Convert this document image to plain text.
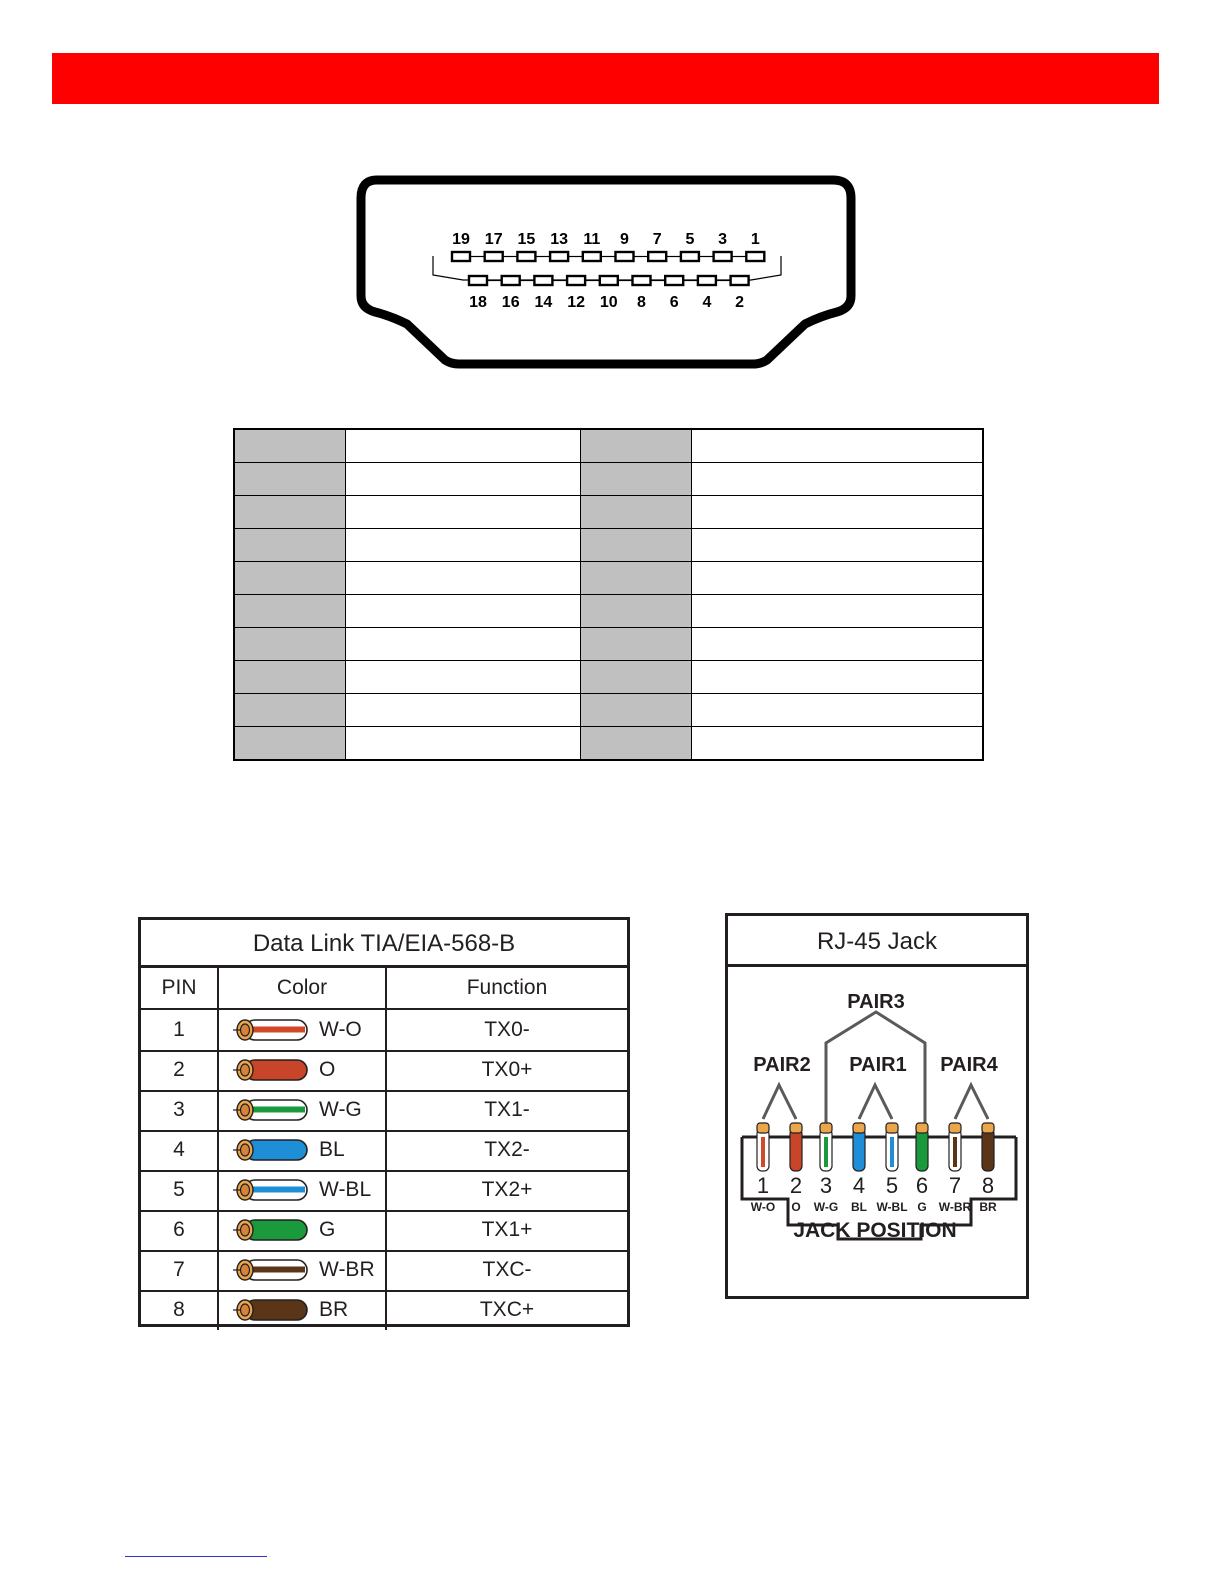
19 17 15 13 11 9 7 5 3 1
18 16 14 12 10 8 6 4 2

Data Link TIA/EIA-568-B
PIN	Color	Function
1	W-O	TX0-
2	O	TX0+
3	W-G	TX1-
4	BL	TX2-
5	W-BL	TX2+
6	G	TX1+
7	W-BR	TXC-
8	BR	TXC+
RJ-45 Jack
PAIR2
PAIR3
PAIR1 PAIR4
1
W-O
2
O
3
W-G
4
BL
5
W-BL
6
G
7
W-BR
8
BR
JACK POSITION
